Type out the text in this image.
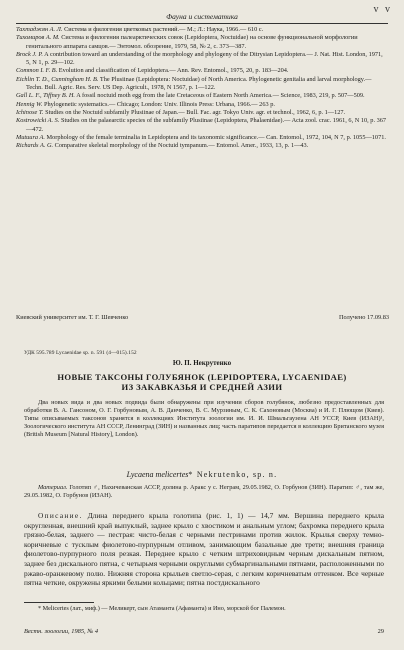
v v
Фауна и систематика
Тахтаджян А. Л. Система и филогения цветковых растений.— М.; Л.: Наука, 1966.— 610 с.
Тихомиров А. М. Система и филогения палеарктических совок (Lepidoptera, Noctuidae) на основе функциональной морфологии генитального аппарата самцов.— Энтомол. обозрение, 1979, 58, № 2, с. 373—387.
Brock J. P. A contribution toward an understanding of the morphology and phylogeny of the Ditrysian Lepidoptera.— J. Nat. Hist. London, 1971, 5, N 1, p. 29—102.
Common I. F. B. Evolution and classification of Lepidoptera.— Ann. Rev. Entomol., 1975, 20, p. 183—204.
Eichlin T. D., Cunningham H. B. The Plusiinae (Lepidoptera: Noctuidae) of North America. Phylogenetic genitalia and larval morphology.— Techn. Bull. Agric. Res. Serv. US Dep. Agricult., 1978, N 1567, p. 1—122.
Gall L. F., Tiffney B. H. A fossil noctuid moth egg from the late Cretaceous of Eastern North America.— Science, 1983, 219, p. 507—509.
Hennig W. Phylogenetic systematics.— Chicago; London: Univ. Illinois Press: Urbana, 1966.— 263 p.
Ichinose T. Studies on the Noctuid subfamily Plusiinae of Japan.— Bull. Fac. agr. Tokyo Univ. agr. et technol., 1962, 6, p. 1—127.
Kostrowicki A. S. Studies on the palaearctic species of the subfamily Plusiinae (Lepidoptera, Phalaenidae).— Acta zool. crac. 1961, 6, N 10, p. 367—472.
Mutuura A. Morphology of the female terminalia in Lepidoptera and its taxonomic significance.— Can. Entomol., 1972, 104, N 7, p. 1055—1071.
Richards A. G. Comparative skeletal morphology of the Noctuid tympanum.— Entomol. Amer., 1933, 13, p. 1—43.
Киевский университет им. Т. Г. Шевченко	Получено 17.09.83
УДК 595.789 Lycaenidae sp. n. 591 (4—015).152
Ю. П. Некрутенко
НОВЫЕ ТАКСОНЫ ГОЛУБЯНОК (LEPIDOPTERA, LYCAENIDAE)
ИЗ ЗАКАВКАЗЬЯ И СРЕДНЕЙ АЗИИ
Два новых вида и два новых подвида были обнаружены при изучении сборов голубянок, любезно предоставленных для обработки В. А. Гансоном, О. Г. Горбуновым, А. В. Данченко, В. С. Мурзиным, С. К. Сахоновым (Москва) и И. Г. Плющом (Киев). Типы описываемых таксонов хранятся в коллекциях Института зоологии им. И. И. Шмальгаузена АН УССР, Киев (ИЗАН)¹, Зоологического института АН СССР, Ленинград (ЗИН) и названных лиц; часть паратипов передается в коллекцию Британского музея (British Museum [Natural History], London).
Lycaena melicertes* Nekrutenko, sp. n.
Материал. Голотип ♂, Нахичеванская АССР, долина р. Аракс у с. Неграм, 29.05.1982, О. Горбунов (ЗИН). Паратип: ♂, там же, 29.05.1982, О. Горбунов (ИЗАН).
Описание. Длина переднего крыла голотипа (рис. 1, 1) — 14,7 мм. Вершина переднего крыла округленная, внешний край выпуклый, заднее крыло с хвостиком и анальным углом; бахромка переднего крыла грязно-белая, заднего — пестрая: чисто-белая с черными пестринами против жилок. Крылья сверху темно-коричневые с тусклым фиолетово-пурпурным отливом, занимающим базальные две трети; внешняя граница фиолетово-пурпурного поля резкая. Переднее крыло с четким штриховидным черным дискальным пятном, заднее без дискального пятна, с четырьмя черными округлыми субмаргинальными пятнами, расположенными по ржаво-оранжевому полю. Нижняя сторона крыльев светло-серая, с легким коричневатым оттенком. Все черные пятна четкие, окружены яркими белыми кольцами; пятна постдискального
* Melicertes (лат., миф.) — Меликерт, сын Атаманта (Афаманта) и Ино, морской бог Палемон.
Вестн. зоологии, 1985, № 4	29
